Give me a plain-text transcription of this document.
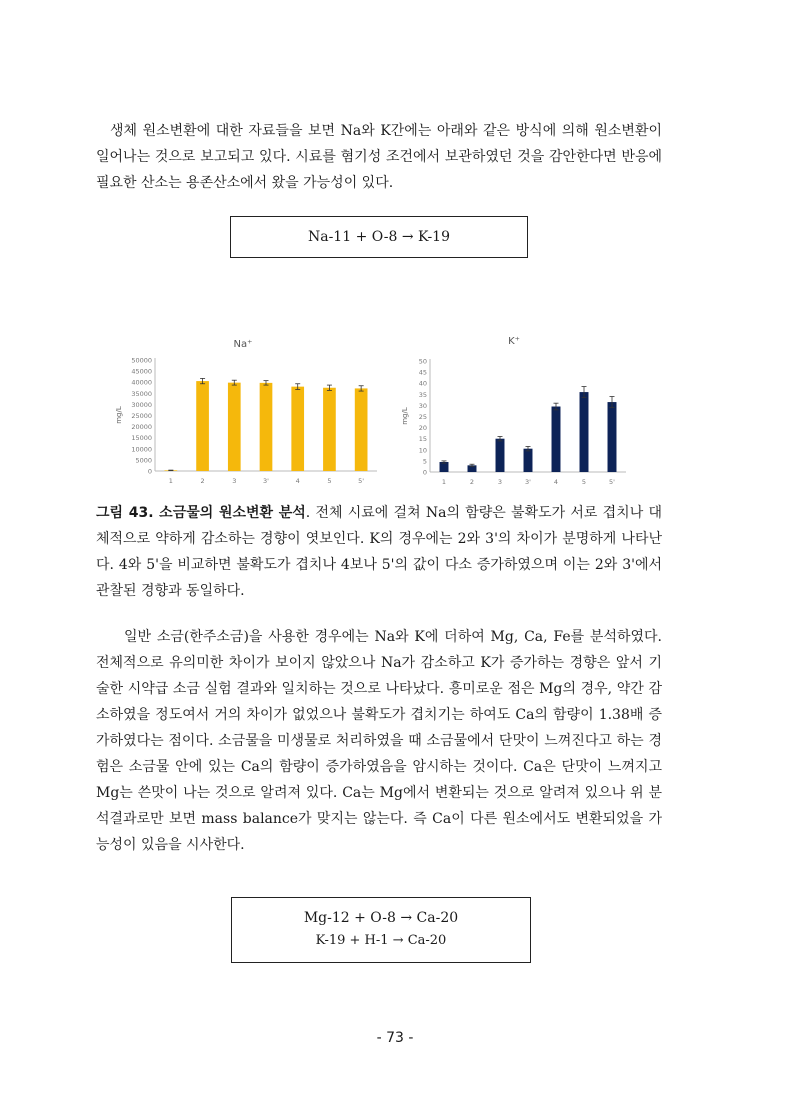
생체 원소변환에 대한 자료들을 보면 Na와 K간에는 아래와 같은 방식에 의해 원소변환이 일어나는 것으로 보고되고 있다. 시료를 혐기성 조건에서 보관하였던 것을 감안한다면 반응에 필요한 산소는 용존산소에서 왔을 가능성이 있다.

Na-11 + O-8 → K-19
Na⁺
mg/L
0
5000
10000
15000
20000
25000
30000
35000
40000
45000
50000
1	2	3	3'	4	5	5'
K⁺
mg/L
0
5
10
15
20
25
30
35
40
45
50
1	2	3	3'	4	5	5'

그림 43. 소금물의 원소변환 분석. 전체 시료에 걸쳐 Na의 함량은 불확도가 서로 겹치나 대체적으로 약하게 감소하는 경향이 엿보인다. K의 경우에는 2와 3'의 차이가 분명하게 나타난다. 4와 5'을 비교하면 불확도가 겹치나 4보나 5'의 값이 다소 증가하였으며 이는 2와 3'에서 관찰된 경향과 동일하다.

일반 소금(한주소금)을 사용한 경우에는 Na와 K에 더하여 Mg, Ca, Fe를 분석하였다. 전체적으로 유의미한 차이가 보이지 않았으나 Na가 감소하고 K가 증가하는 경향은 앞서 기술한 시약급 소금 실험 결과와 일치하는 것으로 나타났다. 흥미로운 점은 Mg의 경우, 약간 감소하였을 정도여서 거의 차이가 없었으나 불확도가 겹치기는 하여도 Ca의 함량이 1.38배 증가하였다는 점이다. 소금물을 미생물로 처리하였을 때 소금물에서 단맛이 느껴진다고 하는 경험은 소금물 안에 있는 Ca의 함량이 증가하였음을 암시하는 것이다. Ca은 단맛이 느껴지고 Mg는 쓴맛이 나는 것으로 알려져 있다. Ca는 Mg에서 변환되는 것으로 알려져 있으나 위 분석결과로만 보면 mass balance가 맞지는 않는다. 즉 Ca이 다른 원소에서도 변환되었을 가능성이 있음을 시사한다.

Mg-12 + O-8 → Ca-20
K-19 + H-1 → Ca-20
- 73 -
